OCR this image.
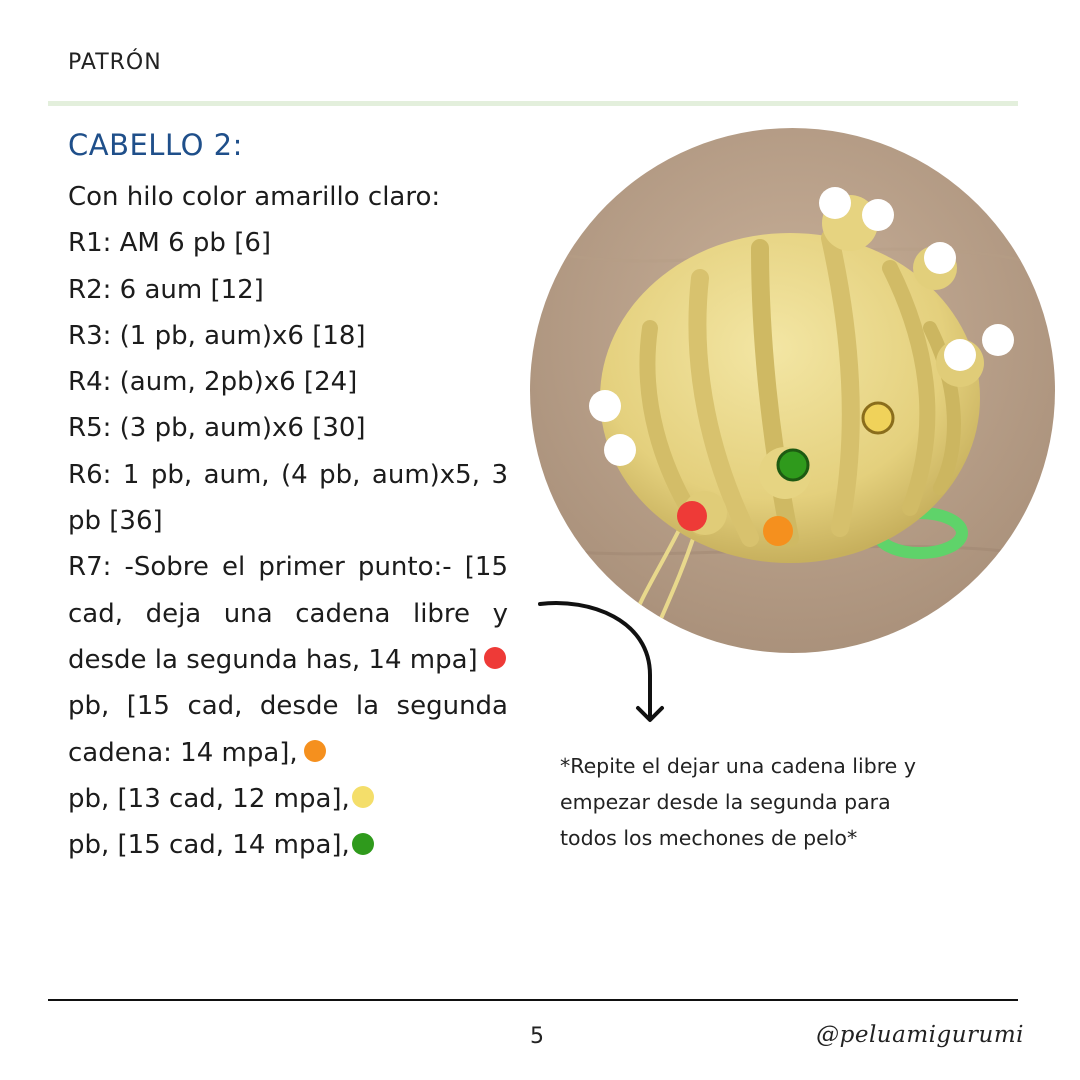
PATRÓN
CABELLO 2:
Con hilo color amarillo claro:
R1: AM 6 pb [6]
R2: 6 aum [12]
R3: (1 pb, aum)x6 [18]
R4: (aum, 2pb)x6 [24]
R5: (3 pb, aum)x6 [30]
R6: 1 pb, aum, (4 pb, aum)x5, 3
pb [36]
R7: -Sobre el primer punto:- [15
cad, deja una cadena libre y
desde la segunda has, 14 mpa]
pb, [15 cad, desde la segunda
cadena: 14 mpa],
pb, [13 cad, 12 mpa],
pb, [15 cad, 14 mpa],
*Repite el dejar una cadena libre y
empezar desde la segunda para
todos los mechones de pelo*
5	@peluamigurumi
